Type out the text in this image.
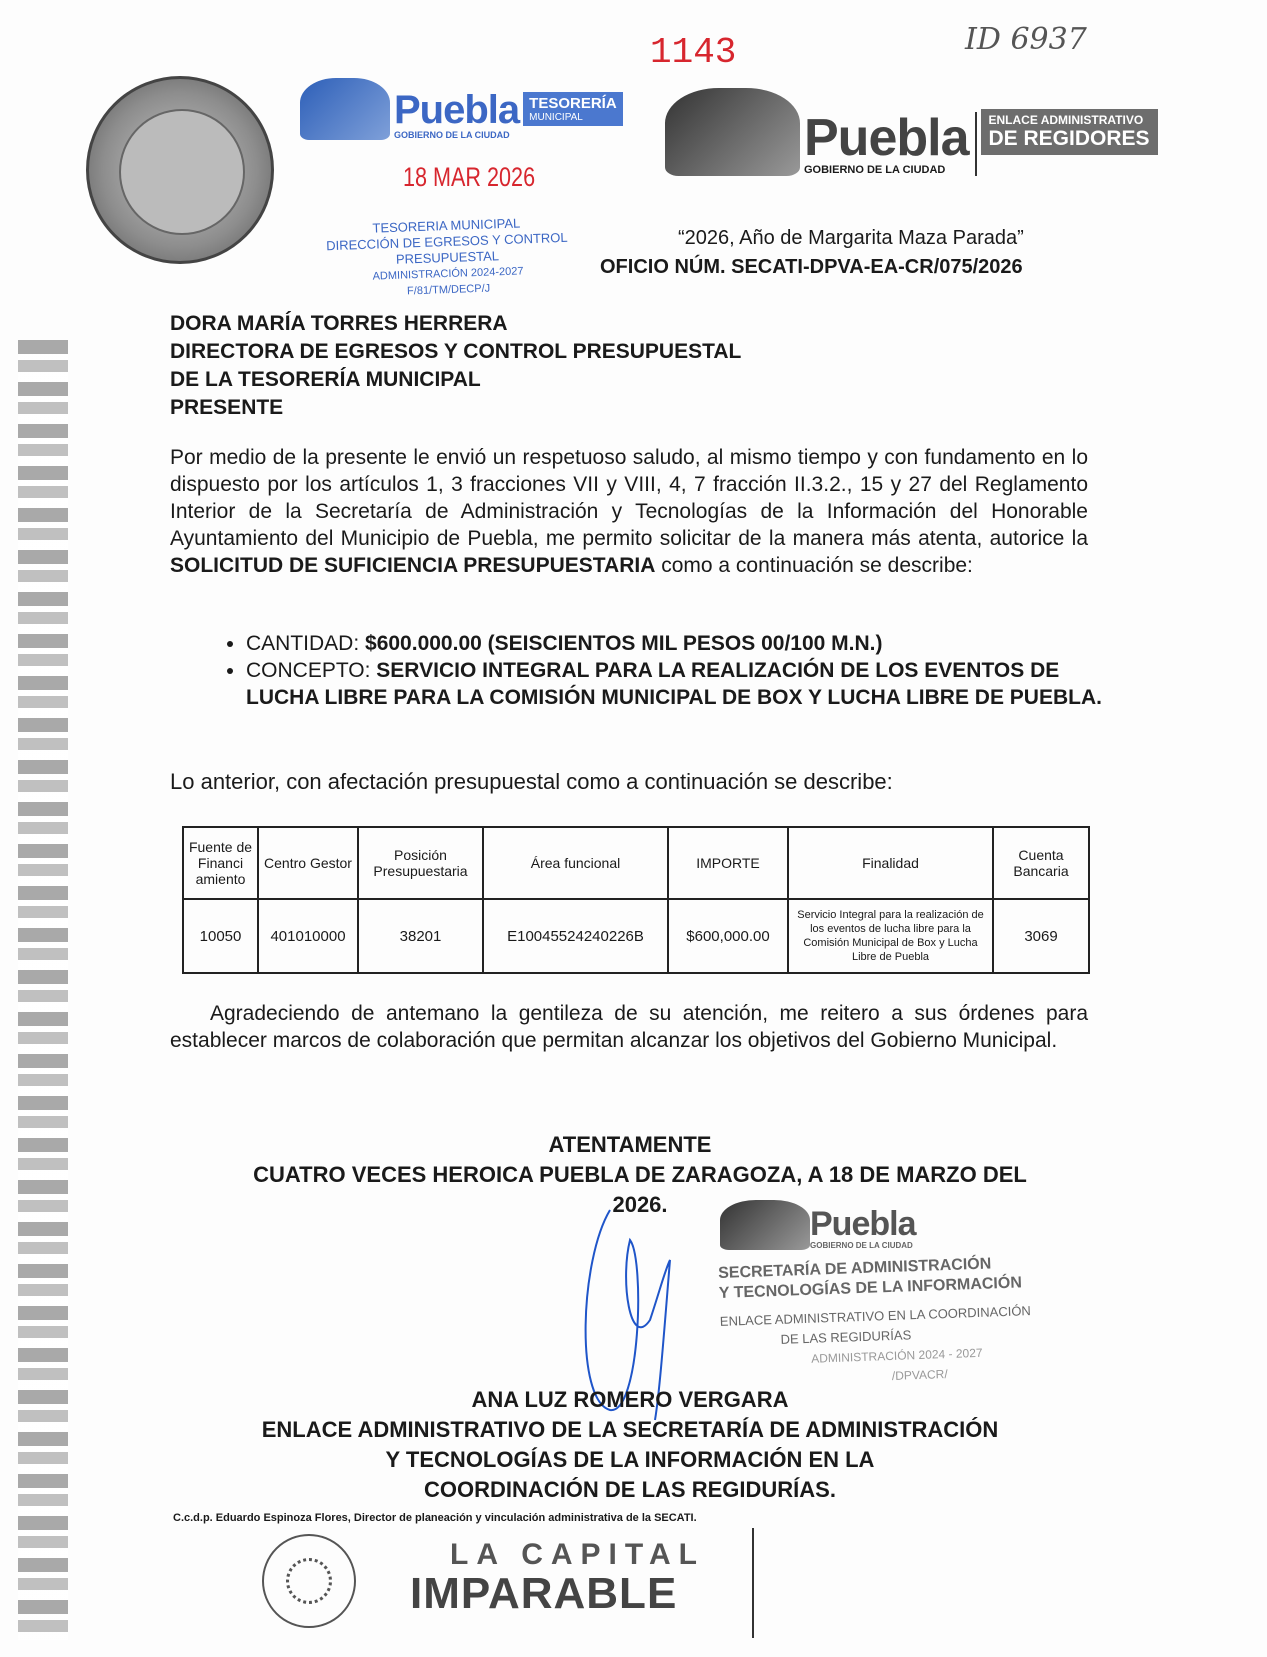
Puebla
GOBIERNO DE LA CIUDAD
TESORERÍA
MUNICIPAL
1143	ID 6937
Puebla
GOBIERNO DE LA CIUDAD
ENLACE ADMINISTRATIVO
DE REGIDORES
18 MAR 2026
TESORERIA MUNICIPAL
DIRECCIÓN DE EGRESOS Y CONTROL
PRESUPUESTAL
ADMINISTRACIÓN 2024-2027
F/81/TM/DECP/J
“2026, Año de Margarita Maza Parada”
OFICIO NÚM. SECATI-DPVA-EA-CR/075/2026
DORA MARÍA TORRES HERRERA
DIRECTORA DE EGRESOS Y CONTROL PRESUPUESTAL
DE LA TESORERÍA MUNICIPAL
PRESENTE
Por medio de la presente le envió un respetuoso saludo, al mismo tiempo y con fundamento en lo dispuesto por los artículos 1, 3 fracciones VII y VIII, 4, 7 fracción II.3.2., 15 y 27 del Reglamento Interior de la Secretaría de Administración y Tecnologías de la Información del Honorable Ayuntamiento del Municipio de Puebla, me permito solicitar de la manera más atenta, autorice la SOLICITUD DE SUFICIENCIA PRESUPUESTARIA como a continuación se describe:
• CANTIDAD: $600.000.00 (SEISCIENTOS MIL PESOS 00/100 M.N.)
• CONCEPTO: SERVICIO INTEGRAL PARA LA REALIZACIÓN DE LOS EVENTOS DE LUCHA LIBRE PARA LA COMISIÓN MUNICIPAL DE BOX Y LUCHA LIBRE DE PUEBLA.
Lo anterior, con afectación presupuestal como a continuación se describe:
Fuente de Financi amiento	Centro Gestor	Posición Presupuestaria	Área funcional	IMPORTE	Finalidad	Cuenta Bancaria
10050	401010000	38201	E10045524240226B	$600,000.00	Servicio Integral para la realización de los eventos de lucha libre para la Comisión Municipal de Box y Lucha Libre de Puebla	3069
Agradeciendo de antemano la gentileza de su atención, me reitero a sus órdenes para establecer marcos de colaboración que permitan alcanzar los objetivos del Gobierno Municipal.
ATENTAMENTE
CUATRO VECES HEROICA PUEBLA DE ZARAGOZA, A 18 DE MARZO DEL 2026.
Puebla
GOBIERNO DE LA CIUDAD
SECRETARÍA DE ADMINISTRACIÓN
Y TECNOLOGÍAS DE LA INFORMACIÓN
ENLACE ADMINISTRATIVO EN LA COORDINACIÓN
DE LAS REGIDURÍAS
ADMINISTRACIÓN 2024 - 2027
/DPVACR/
ANA LUZ ROMERO VERGARA
ENLACE ADMINISTRATIVO DE LA SECRETARÍA DE ADMINISTRACIÓN
Y TECNOLOGÍAS DE LA INFORMACIÓN EN LA
COORDINACIÓN DE LAS REGIDURÍAS.
C.c.d.p. Eduardo Espinoza Flores, Director de planeación y vinculación administrativa de la SECATI.
LA CAPITAL
IMPARABLE
